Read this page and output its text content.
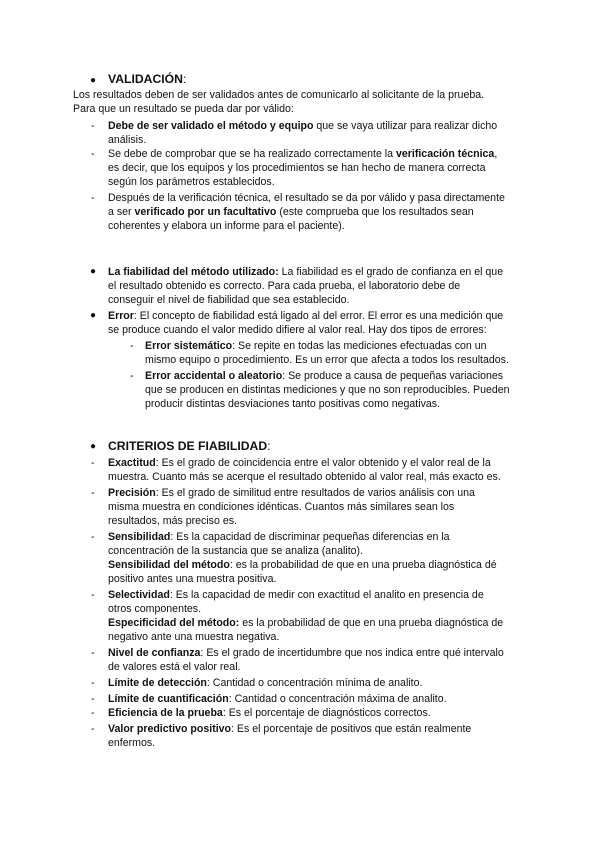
● VALIDACIÓN:
Los resultados deben de ser validados antes de comunicarlo al solicitante de la prueba.
Para que un resultado se pueda dar por válido:
- Debe de ser validado el método y equipo que se vaya utilizar para realizar dicho
análisis.
- Se debe de comprobar que se ha realizado correctamente la verificación técnica,
es decir, que los equipos y los procedimientos se han hecho de manera correcta
según los parámetros establecidos.
- Después de la verificación técnica, el resultado se da por válido y pasa directamente
a ser verificado por un facultativo (este comprueba que los resultados sean
coherentes y elabora un informe para el paciente).
● La fiabilidad del método utilizado: La fiabilidad es el grado de confianza en el que
el resultado obtenido es correcto. Para cada prueba, el laboratorio debe de
conseguir el nivel de fiabilidad que sea establecido.
● Error: El concepto de fiabilidad está ligado al del error. El error es una medición que
se produce cuando el valor medido difiere al valor real. Hay dos tipos de errores:
- Error sistemático: Se repite en todas las mediciones efectuadas con un
mismo equipo o procedimiento. Es un error que afecta a todos los resultados.
- Error accidental o aleatorio: Se produce a causa de pequeñas variaciones
que se producen en distintas mediciones y que no son reproducibles. Pueden
producir distintas desviaciones tanto positivas como negativas.
● CRITERIOS DE FIABILIDAD:
- Exactitud: Es el grado de coincidencia entre el valor obtenido y el valor real de la
muestra. Cuanto más se acerque el resultado obtenido al valor real, más exacto es.
- Precisión: Es el grado de similitud entre resultados de varios análisis con una
misma muestra en condiciones idénticas. Cuantos más similares sean los
resultados, más preciso es.
- Sensibilidad: Es la capacidad de discriminar pequeñas diferencias en la
concentración de la sustancia que se analiza (analito).
Sensibilidad del método: es la probabilidad de que en una prueba diagnóstica dé
positivo antes una muestra positiva.
- Selectividad: Es la capacidad de medir con exactitud el analito en presencia de
otros componentes.
Especificidad del método: es la probabilidad de que en una prueba diagnóstica de
negativo ante una muestra negativa.
- Nivel de confianza: Es el grado de incertidumbre que nos indica entre qué intervalo
de valores está el valor real.
- Límite de detección: Cantidad o concentración mínima de analito.
- Límite de cuantificación: Cantidad o concentración máxima de analito.
- Eficiencia de la prueba: Es el porcentaje de diagnósticos correctos.
- Valor predictivo positivo: Es el porcentaje de positivos que están realmente
enfermos.
